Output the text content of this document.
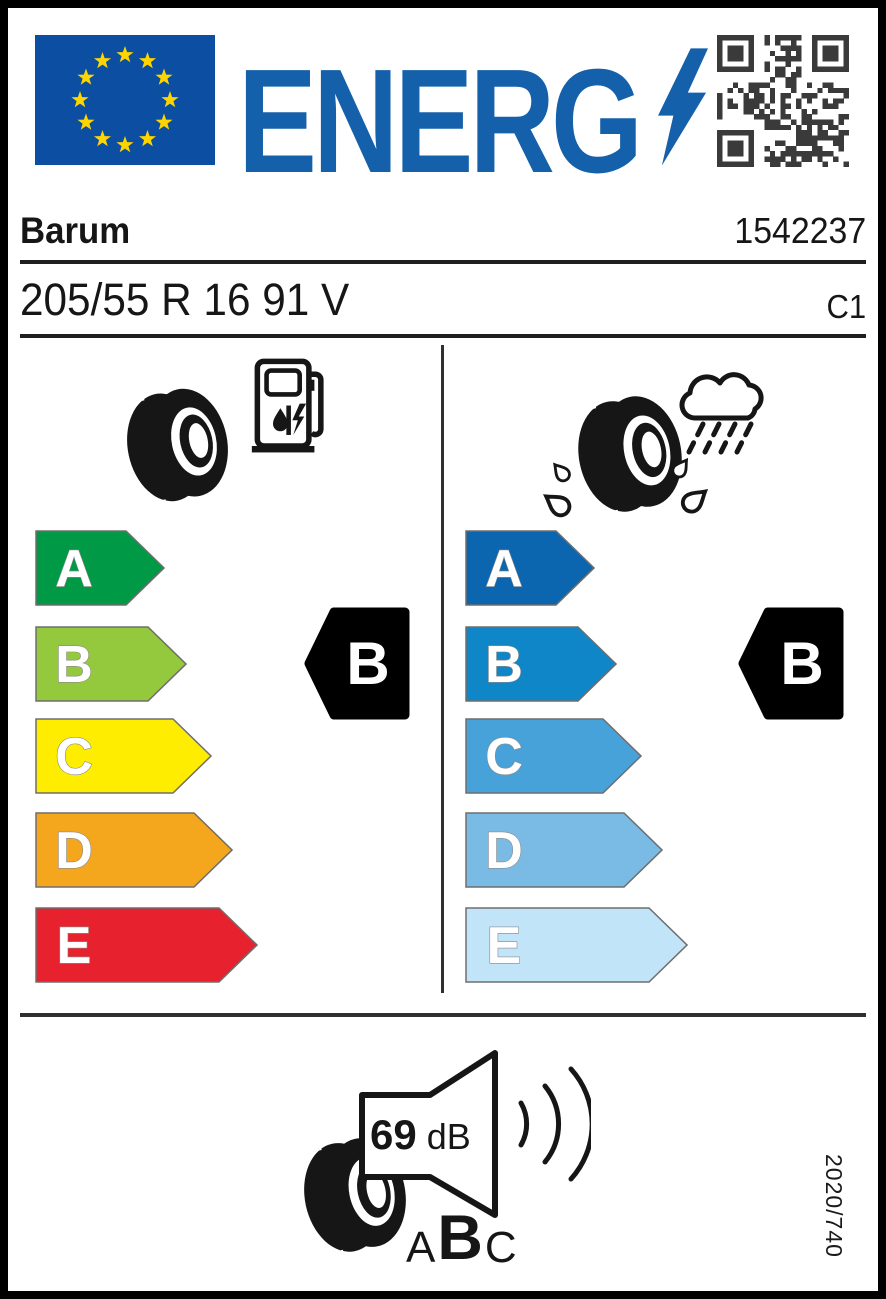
ENERG
Barum	1542237
205/55 R 16 91 V	C1
A
B
C
D
E
B
A
B
C
D
E
B
69 dB
A B C	2020/740
